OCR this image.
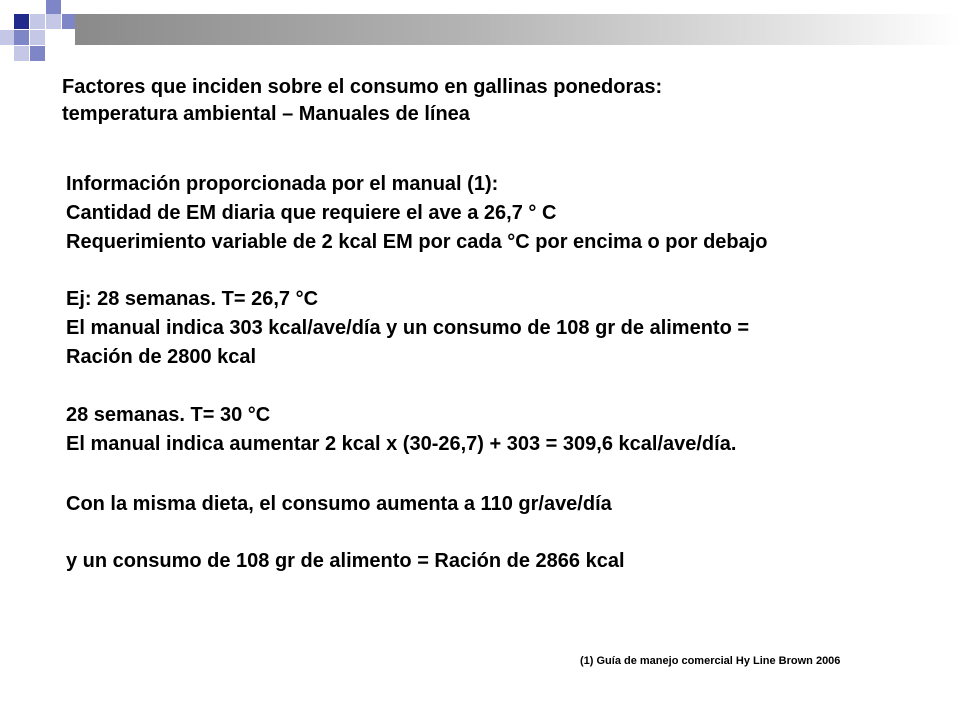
Factores que inciden sobre el consumo en gallinas ponedoras:
temperatura ambiental – Manuales de línea

Información proporcionada por el manual (1):
Cantidad de EM diaria que requiere el ave a 26,7 ° C
Requerimiento variable de 2 kcal EM por cada °C por encima o por debajo

Ej: 28 semanas. T= 26,7 °C
El manual indica 303 kcal/ave/día y un consumo de 108 gr de alimento =
Ración de 2800 kcal

28 semanas. T= 30 °C
El manual indica aumentar 2 kcal x (30-26,7) + 303 = 309,6 kcal/ave/día.

Con la misma dieta, el consumo aumenta a 110 gr/ave/día

y un consumo de 108 gr de alimento = Ración de 2866 kcal

(1) Guía de manejo comercial Hy Line Brown 2006
